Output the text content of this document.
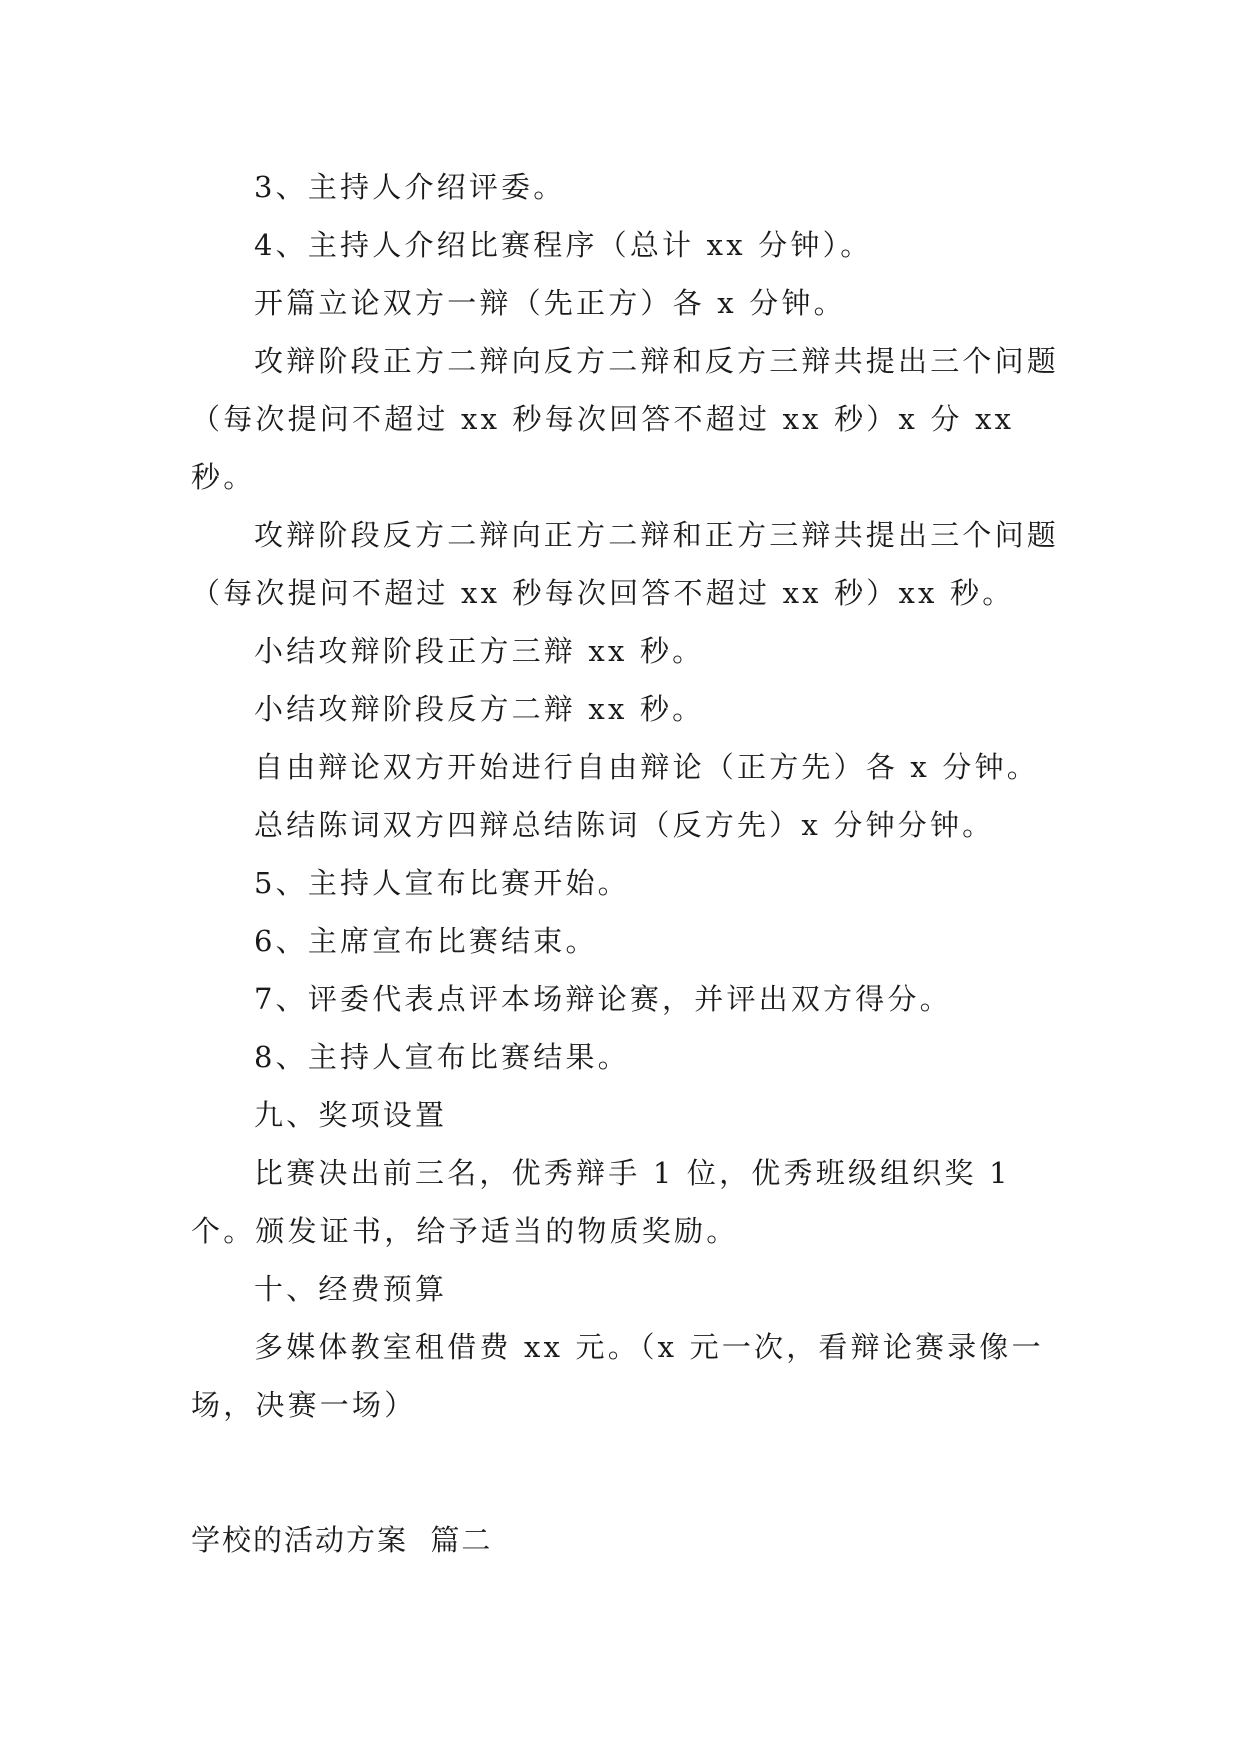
3、主持人介绍评委。

4、主持人介绍比赛程序（总计 xx 分钟）。

开篇立论双方一辩（先正方）各 x 分钟。

攻辩阶段正方二辩向反方二辩和反方三辩共提出三个问题（每次提问不超过 xx 秒每次回答不超过 xx 秒）x 分 xx 秒。

攻辩阶段反方二辩向正方二辩和正方三辩共提出三个问题（每次提问不超过 xx 秒每次回答不超过 xx 秒）xx 秒。

小结攻辩阶段正方三辩 xx 秒。

小结攻辩阶段反方二辩 xx 秒。

自由辩论双方开始进行自由辩论（正方先）各 x 分钟。

总结陈词双方四辩总结陈词（反方先）x 分钟分钟。

5、主持人宣布比赛开始。

6、主席宣布比赛结束。

7、评委代表点评本场辩论赛，并评出双方得分。

8、主持人宣布比赛结果。

九、奖项设置

比赛决出前三名，优秀辩手 1 位，优秀班级组织奖 1 个。颁发证书，给予适当的物质奖励。

十、经费预算

多媒体教室租借费 xx 元。（x 元一次，看辩论赛录像一场，决赛一场）

学校的活动方案  篇二
